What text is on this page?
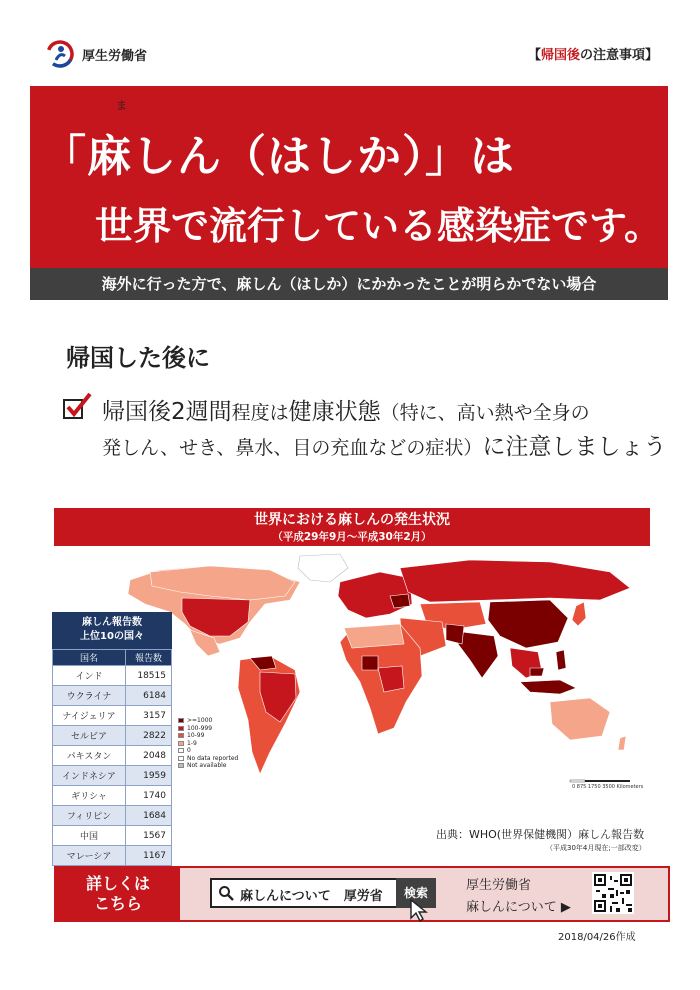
厚生労働省	【帰国後の注意事項】
ま
「麻しん（はしか）」は
世界で流行している感染症です。
海外に行った方で、麻しん（はしか）にかかったことが明らかでない場合
帰国した後に
帰国後2週間程度は健康状態（特に、高い熱や全身の
発しん、せき、鼻水、目の充血などの症状）に注意しましょう
世界における麻しんの発生状況
（平成29年9月～平成30年2月）
>=1000
100-999
10-99
1-9
0
No data reported
Not available
0 875 1750 3500 Kilometers
麻しん報告数
上位10の国々
国名	報告数
インド	18515
ウクライナ	6184
ナイジェリア	3157
セルビア	2822
パキスタン	2048
インドネシア	1959
ギリシャ	1740
フィリピン	1684
中国	1567
マレーシア	1167
出典：WHO(世界保健機関）麻しん報告数
（平成30年4月現在;一部改変）
詳しくは
こちら	麻しんについて　厚労省	検索	厚生労働省
麻しんについて ▶
2018/04/26作成
